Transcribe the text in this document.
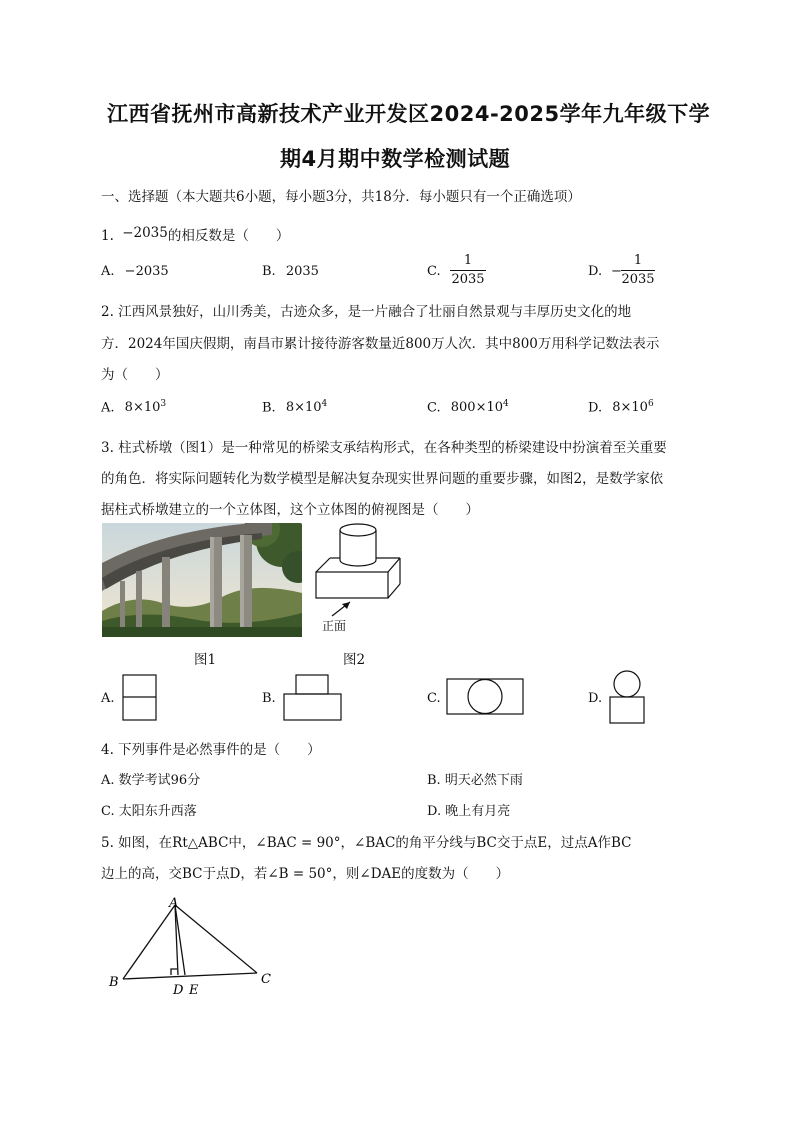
江西省抚州市高新技术产业开发区2024-2025学年九年级下学
期4月期中数学检测试题
一、选择题（本大题共6小题，每小题3分，共18分．每小题只有一个正确选项）
1. −2035的相反数是（　　）
A. −2035	B. 2035	C.
1
2035
D. −
1
2035
2. 江西风景独好，山川秀美，古迹众多，是一片融合了壮丽自然景观与丰厚历史文化的地
方．2024年国庆假期，南昌市累计接待游客数量近800万人次．其中800万用科学记数法表示
为（　　）
A. $8\times 10^3$	B. $8\times 10^4$	C. $800\times 10^4$	D. $8\times 10^6$
3. 柱式桥墩（图1）是一种常见的桥梁支承结构形式，在各种类型的桥梁建设中扮演着至关重要
的角色．将实际问题转化为数学模型是解决复杂现实世界问题的重要步骤，如图2，是数学家依
据柱式桥墩建立的一个立体图，这个立体图的俯视图是（　　）
图1
正面
图2
A.	B.	C.	D.
4. 下列事件是必然事件的是（　　）
A. 数学考试96分	B. 明天必然下雨
C. 太阳东升西落	D. 晚上有月亮
5. 如图，在Rt△ABC中，∠BAC = 90°，∠BAC的角平分线与BC交于点E，过点A作BC
边上的高，交BC于点D，若∠B = 50°，则∠DAE的度数为（　　）
A
B	C
D E
